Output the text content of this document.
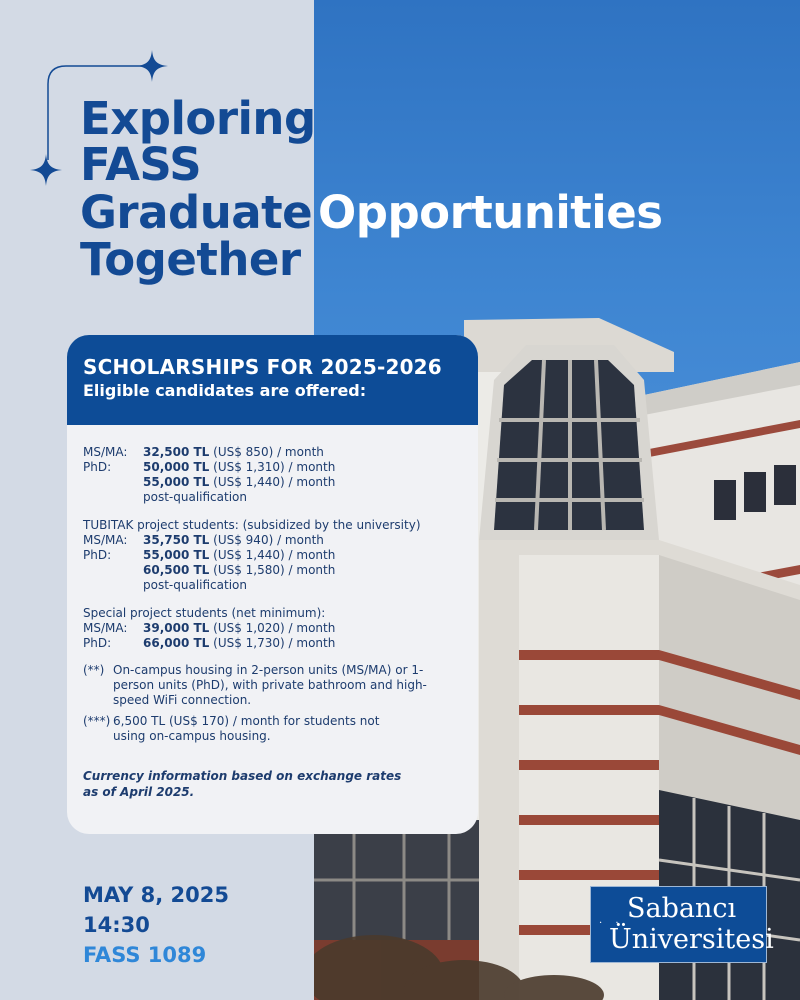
Exploring
FASS
Graduate Opportunities
Together
SCHOLARSHIPS FOR 2025-2026
Eligible candidates are offered:
MS/MA:	32,500 TL (US$ 850) / month
PhD:	50,000 TL (US$ 1,310) / month
55,000 TL (US$ 1,440) / month
post-qualification
TUBITAK project students: (subsidized by the university)
MS/MA:	35,750 TL (US$ 940) / month
PhD:	55,000 TL (US$ 1,440) / month
60,500 TL (US$ 1,580) / month
post-qualification
Special project students (net minimum):
MS/MA:	39,000 TL (US$ 1,020) / month
PhD:	66,000 TL (US$ 1,730) / month
(**) On-campus housing in 2-person units (MS/MA) or 1-person units (PhD), with private bathroom and high-speed WiFi connection.
(***) 6,500 TL (US$ 170) / month for students not using on-campus housing.
Currency information based on exchange rates as of April 2025.
MAY 8, 2025
14:30
FASS 1089
. . Sabancı
Üniversitesi
